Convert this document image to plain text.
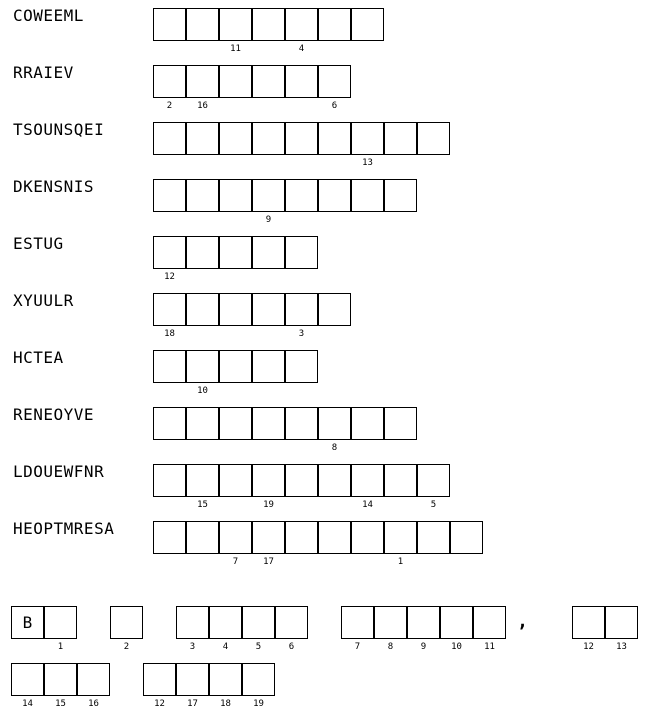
COWEEML
11	4
RRAIEV
2	16	6
TSOUNSQEI
13
DKENSNIS
9
ESTUG
12
XYUULR
18	3
HCTEA
10
RENEOYVE
8
LDOUEWFNR
15	19	14	5
HEOPTMRESA
7	17	1
B
1	2	3	4	5	6	7	8	9	10	11
,
12	13
14	15	16	12	17	18	19
